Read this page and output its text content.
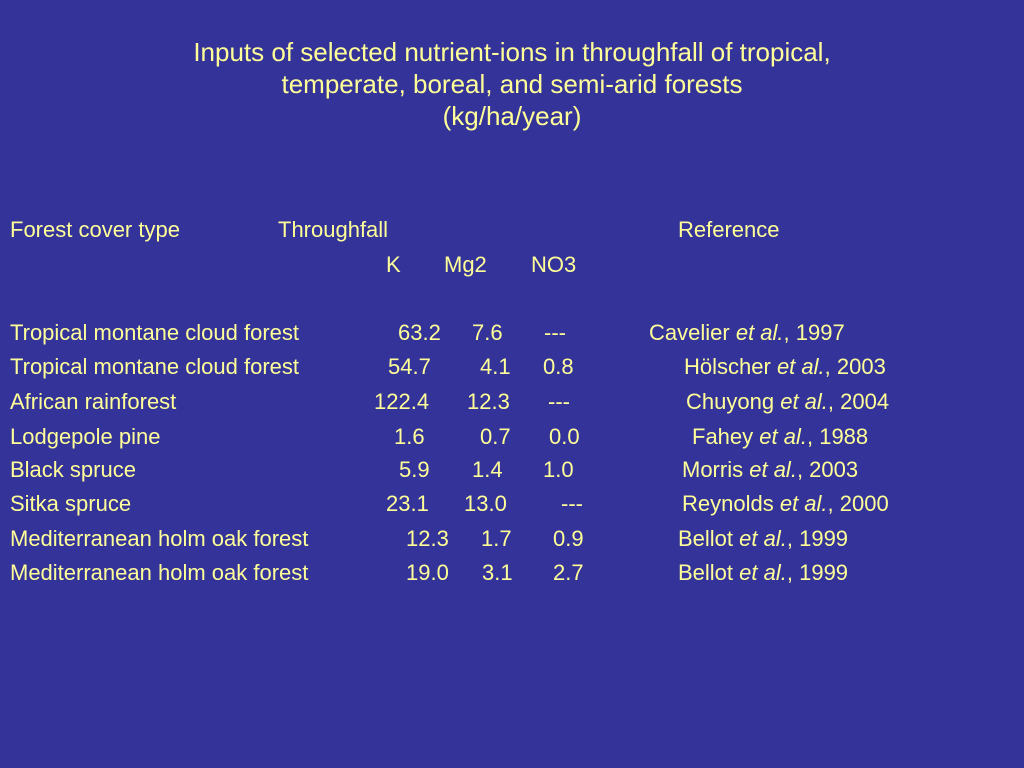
Inputs of selected nutrient-ions in throughfall of tropical,
temperate, boreal, and semi-arid forests
(kg/ha/year)
Forest cover type	Throughfall	Reference
K Mg2 NO3
Tropical montane cloud forest	63.2 7.6 ---	Cavelier et al., 1997
Tropical montane cloud forest	54.7 4.1 0.8	Hölscher et al., 2003
African rainforest	122.4 12.3 ---	Chuyong et al., 2004
Lodgepole pine	1.6	0.7 0.0	Fahey et al., 1988
Black spruce	5.9 1.4 1.0	Morris et al., 2003
Sitka spruce	23.1 13.0 ---	Reynolds et al., 2000
Mediterranean holm oak forest	12.3 1.7 0.9	Bellot et al., 1999
Mediterranean holm oak forest	19.0 3.1 2.7	Bellot et al., 1999
